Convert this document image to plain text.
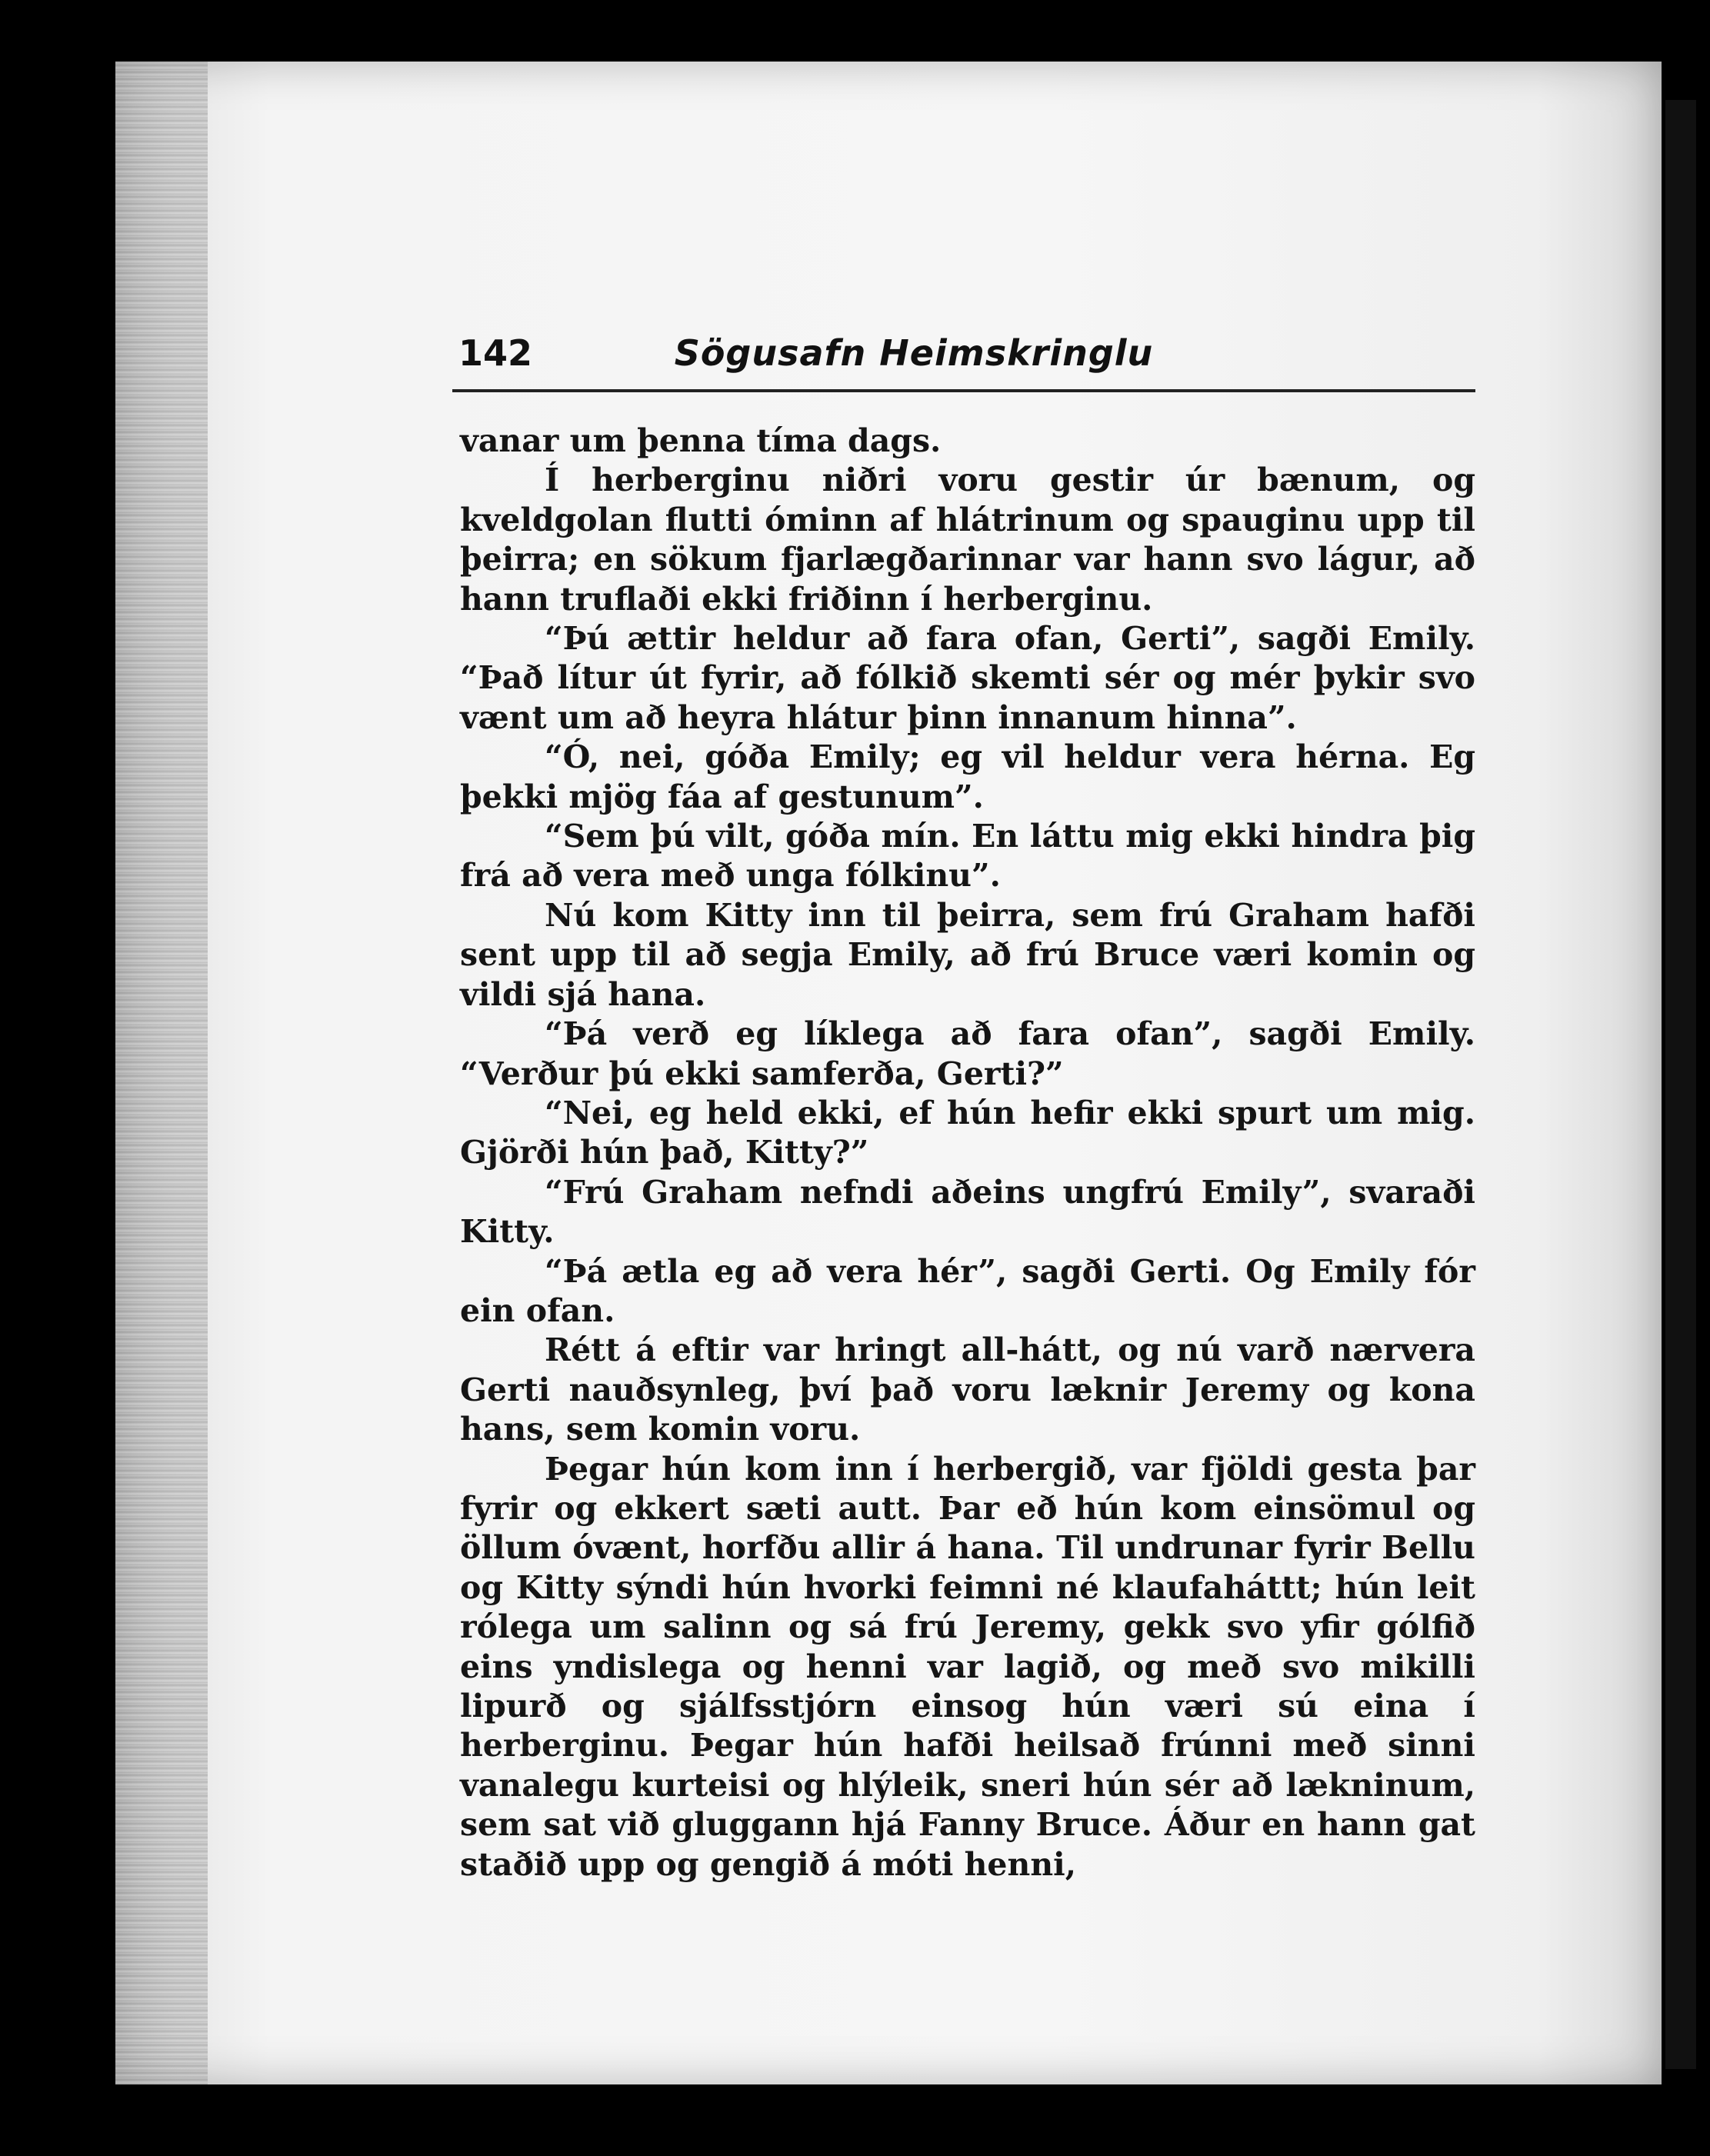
142	Sögusafn Heimskringlu

vanar um þenna tíma dags.

Í herberginu niðri voru gestir úr bænum, og kveldgolan flutti óminn af hlátrinum og spauginu upp til þeirra; en sökum fjarlægðarinnar var hann svo lágur, að hann truflaði ekki friðinn í herberginu.

“Þú ættir heldur að fara ofan, Gerti”, sagði Emily. “Það lítur út fyrir, að fólkið skemti sér og mér þykir svo vænt um að heyra hlátur þinn innanum hinna”.

“Ó, nei, góða Emily; eg vil heldur vera hérna. Eg þekki mjög fáa af gestunum”.

“Sem þú vilt, góða mín. En láttu mig ekki hindra þig frá að vera með unga fólkinu”.

Nú kom Kitty inn til þeirra, sem frú Graham hafði sent upp til að segja Emily, að frú Bruce væri komin og vildi sjá hana.

“Þá verð eg líklega að fara ofan”, sagði Emily. “Verður þú ekki samferða, Gerti?”

“Nei, eg held ekki, ef hún hefir ekki spurt um mig. Gjörði hún það, Kitty?”

“Frú Graham nefndi aðeins ungfrú Emily”, svaraði Kitty.

“Þá ætla eg að vera hér”, sagði Gerti. Og Emily fór ein ofan.

Rétt á eftir var hringt all-hátt, og nú varð nærvera Gerti nauðsynleg, því það voru læknir Jeremy og kona hans, sem komin voru.

Þegar hún kom inn í herbergið, var fjöldi gesta þar fyrir og ekkert sæti autt. Þar eð hún kom einsömul og öllum óvænt, horfðu allir á hana. Til undrunar fyrir Bellu og Kitty sýndi hún hvorki feimni né klaufaháttt; hún leit rólega um salinn og sá frú Jeremy, gekk svo yfir gólfið eins yndislega og henni var lagið, og með svo mikilli lipurð og sjálfsstjórn einsog hún væri sú eina í herberginu. Þegar hún hafði heilsað frúnni með sinni vanalegu kurteisi og hlýleik, sneri hún sér að lækninum, sem sat við gluggann hjá Fanny Bruce. Áður en hann gat staðið upp og gengið á móti henni,
